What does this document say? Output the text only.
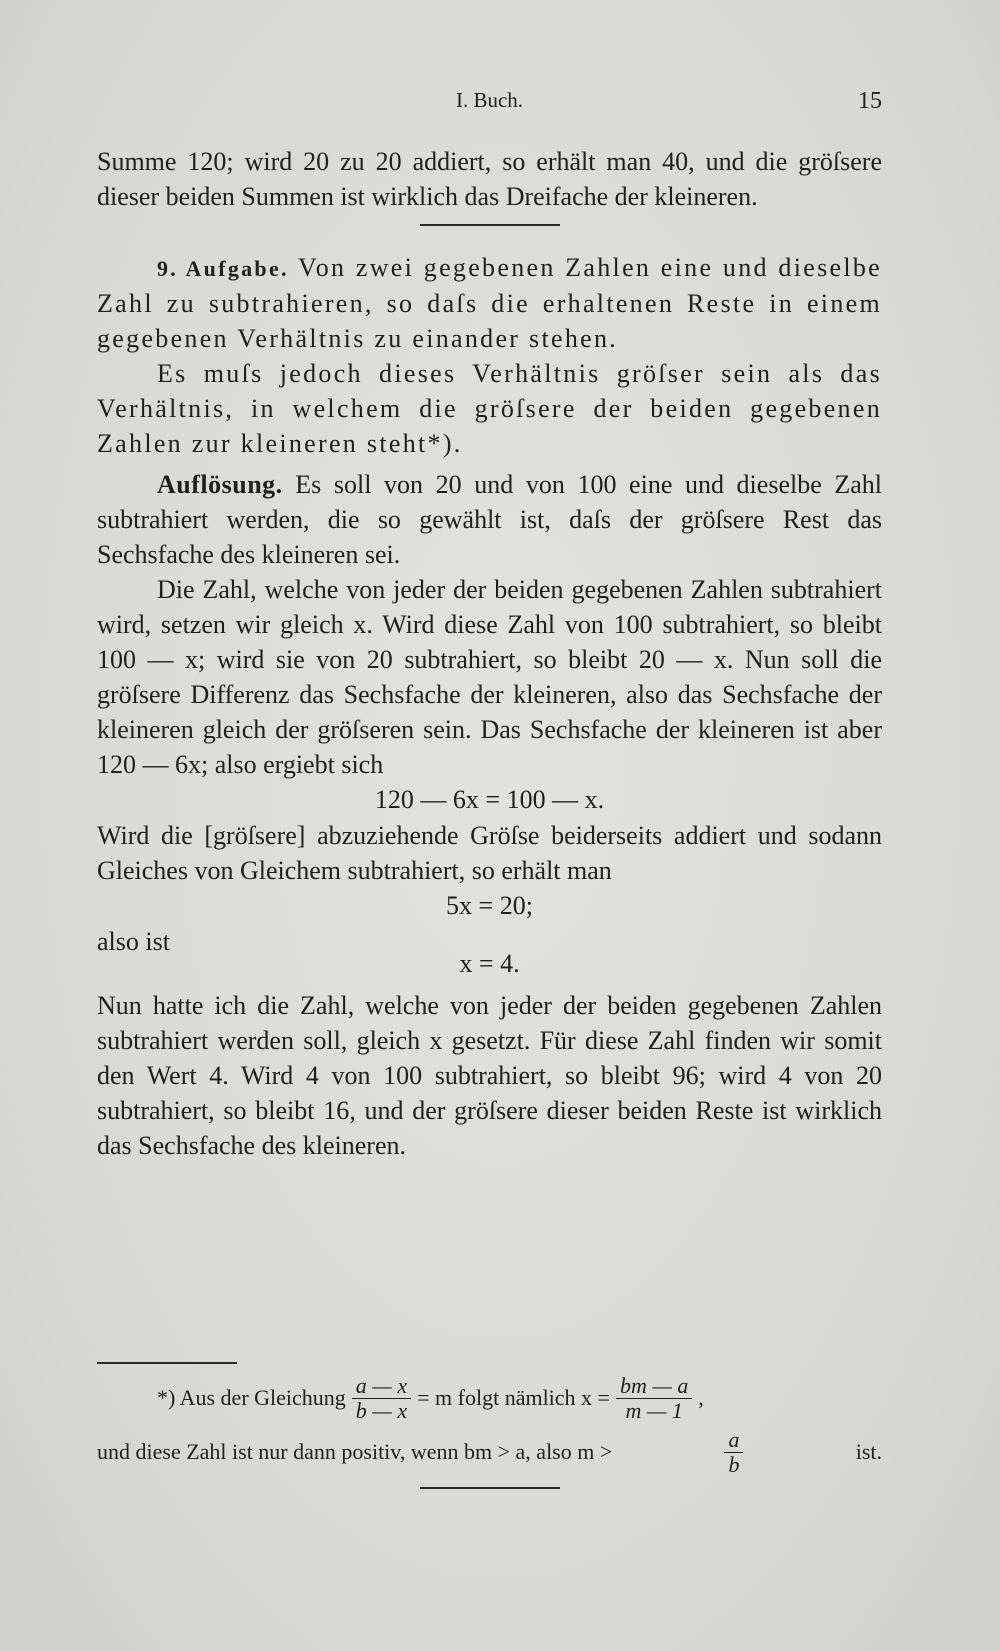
I. Buch.	15

Summe 120; wird 20 zu 20 addiert, so erhält man 40, und die gröſsere dieser beiden Summen ist wirklich das Dreifache der kleineren.

9. Aufgabe. Von zwei gegebenen Zahlen eine und dieselbe Zahl zu subtrahieren, so daſs die erhaltenen Reste in einem gegebenen Verhältnis zu einander stehen.

Es muſs jedoch dieses Verhältnis gröſser sein als das Verhältnis, in welchem die gröſsere der beiden gegebenen Zahlen zur kleineren steht*).

Auflösung. Es soll von 20 und von 100 eine und dieselbe Zahl subtrahiert werden, die so gewählt ist, daſs der gröſsere Rest das Sechsfache des kleineren sei.

Die Zahl, welche von jeder der beiden gegebenen Zahlen subtrahiert wird, setzen wir gleich x. Wird diese Zahl von 100 subtrahiert, so bleibt 100 — x; wird sie von 20 subtrahiert, so bleibt 20 — x. Nun soll die gröſsere Differenz das Sechsfache der kleineren, also das Sechsfache der kleineren gleich der gröſseren sein. Das Sechsfache der kleineren ist aber 120 — 6x; also ergiebt sich

120 — 6x = 100 — x.

Wird die [gröſsere] abzuziehende Gröſse beiderseits addiert und sodann Gleiches von Gleichem subtrahiert, so erhält man

5x = 20;

also ist
x = 4.

Nun hatte ich die Zahl, welche von jeder der beiden gegebenen Zahlen subtrahiert werden soll, gleich x gesetzt. Für diese Zahl finden wir somit den Wert 4. Wird 4 von 100 subtrahiert, so bleibt 96; wird 4 von 20 subtrahiert, so bleibt 16, und der gröſsere dieser beiden Reste ist wirklich das Sechsfache des kleineren.

*) Aus der Gleichung $\frac{a — x}{b — x} = m$ folgt nämlich $x = \frac{bm — a}{m — 1}$ ,
und diese Zahl ist nur dann positiv, wenn bm > a, also m >	$\frac{a}{b}$	ist.
